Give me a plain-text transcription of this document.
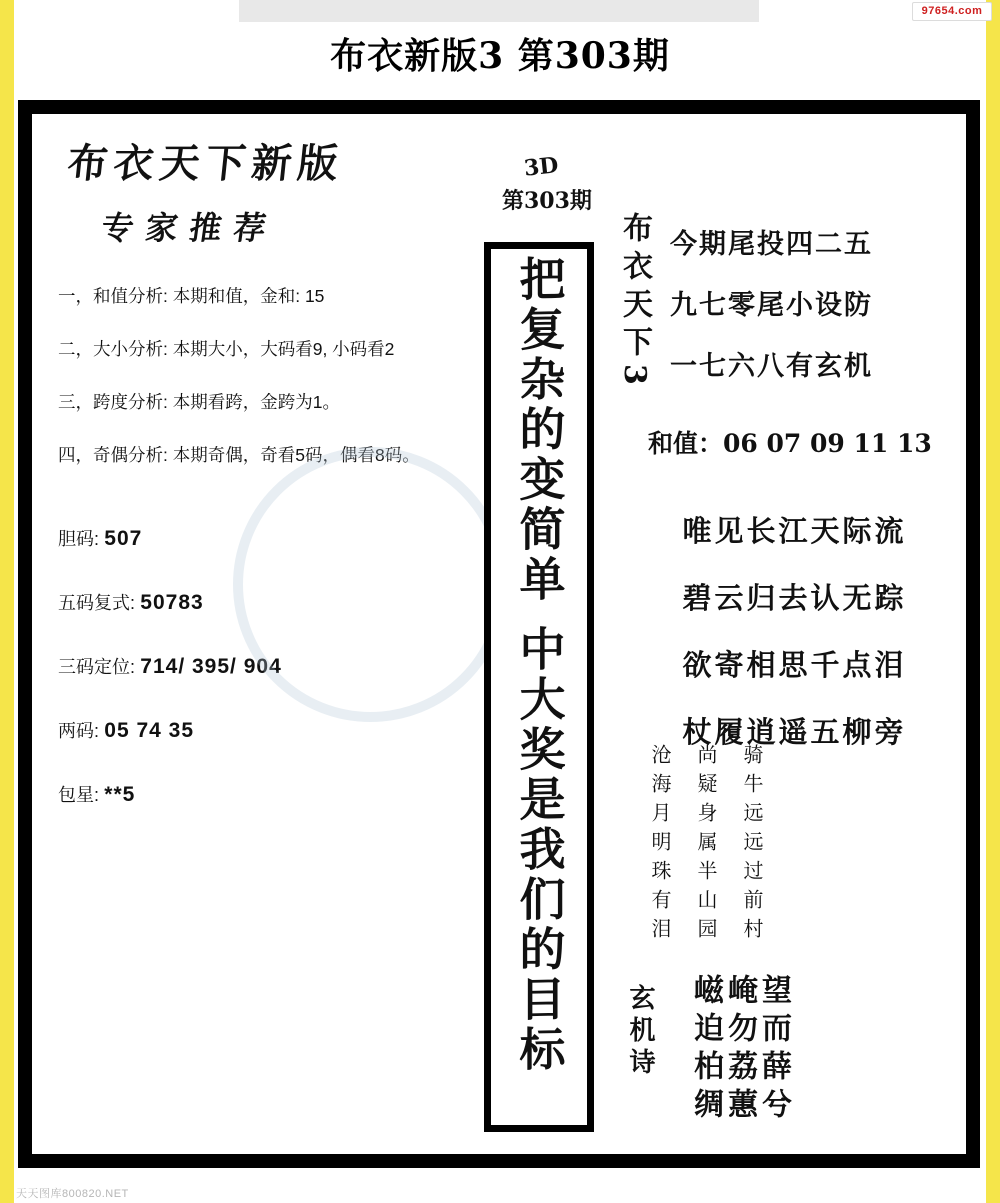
97654.com
布衣新版3 第303期
布衣天下新版
专家推荐
一，和值分析: 本期和值，金和: 15
二，大小分析: 本期大小，大码看9, 小码看2
三，跨度分析: 本期看跨，金跨为1。
四，奇偶分析: 本期奇偶，奇看5码，偶看8码。
胆码: 507
五码复式: 50783
三码定位: 714/ 395/ 904
两码: 05 74 35
包星: **5
3D
第303期
把复杂的变简单 中大奖是我们的目标 布衣天下3 今期尾投四二五
九七零尾小设防
一七六八有玄机
和值：06 07 09 11 13
唯见长江天际流
碧云归去认无踪
欲寄相思千点泪
杖履逍遥五柳旁
骑牛远远过前村
尚疑身属半山园
沧海月明珠有泪
玄机诗	望而薛兮
崦勿荔蕙
嵫迫柏绸
天天图库800820.NET
